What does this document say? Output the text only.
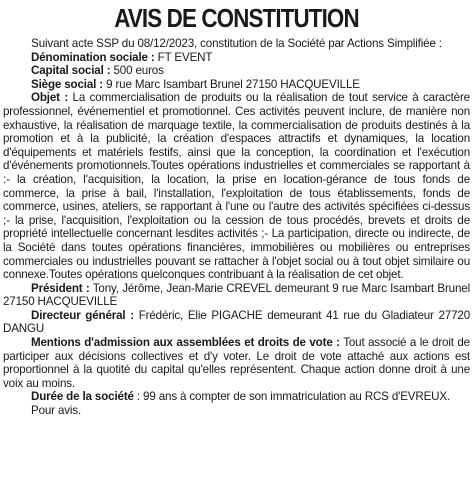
AVIS DE CONSTITUTION

Suivant acte SSP du 08/12/2023, constitution de la Société par Actions Simplifiée :

Dénomination sociale : FT EVENT

Capital social : 500 euros

Siège social : 9 rue Marc Isambart Brunel 27150 HACQUEVILLE

Objet : La commercialisation de produits ou la réalisation de tout service à caractère professionnel, événementiel et promotionnel. Ces activités peuvent inclure, de manière non exhaustive, la réalisation de marquage textile, la commercialisation de produits destinés à la promotion et à la publicité, la création d'espaces attractifs et dynamiques, la location d'équipements et matériels festifs, ainsi que la conception, la coordination et l'exécution d'événements promotionnels.Toutes opérations industrielles et commerciales se rapportant à :- la création, l'acquisition, la location, la prise en location-gérance de tous fonds de commerce, la prise à bail, l'installation, l'exploitation de tous établissements, fonds de commerce, usines, ateliers, se rapportant à l'une ou l'autre des activités spécifiées ci-dessus ;- la prise, l'acquisition, l'exploitation ou la cession de tous procédés, brevets et droits de propriété intellectuelle concernant lesdites activités ;- La participation, directe ou indirecte, de la Société dans toutes opérations financières, immobilières ou mobilières ou entreprises commerciales ou industrielles pouvant se rattacher à l'objet social ou à tout objet similaire ou connexe.Toutes opérations quelconques contribuant à la réalisation de cet objet.

Président : Tony, Jérôme, Jean-Marie CREVEL demeurant 9 rue Marc Isambart Brunel 27150 HACQUEVILLE

Directeur général : Frédéric, Elie PIGACHE demeurant 41 rue du Gladiateur 27720 DANGU

Mentions d'admission aux assemblées et droits de vote : Tout associé a le droit de participer aux décisions collectives et d'y voter. Le droit de vote attaché aux actions est proportionnel à la quotité du capital qu'elles représentent. Chaque action donne droit à une voix au moins.

Durée de la société : 99 ans à compter de son immatriculation au RCS d'EVREUX.

Pour avis.
